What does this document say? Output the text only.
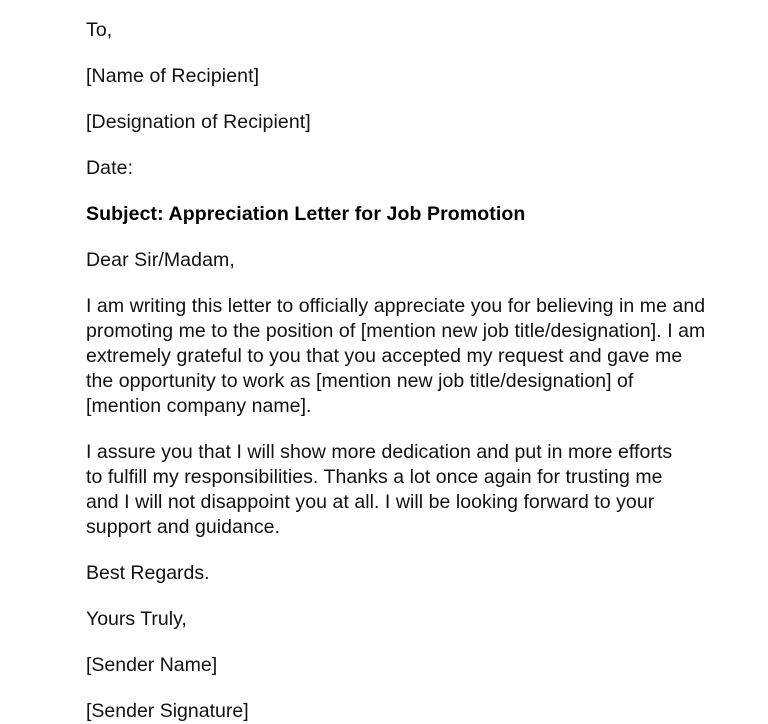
To,

[Name of Recipient]

[Designation of Recipient]

Date:

Subject: Appreciation Letter for Job Promotion

Dear Sir/Madam,

I am writing this letter to officially appreciate you for believing in me and promoting me to the position of [mention new job title/designation]. I am extremely grateful to you that you accepted my request and gave me the opportunity to work as [mention new job title/designation] of [mention company name].

I assure you that I will show more dedication and put in more efforts to fulfill my responsibilities. Thanks a lot once again for trusting me and I will not disappoint you at all. I will be looking forward to your support and guidance.

Best Regards.

Yours Truly,

[Sender Name]

[Sender Signature]
